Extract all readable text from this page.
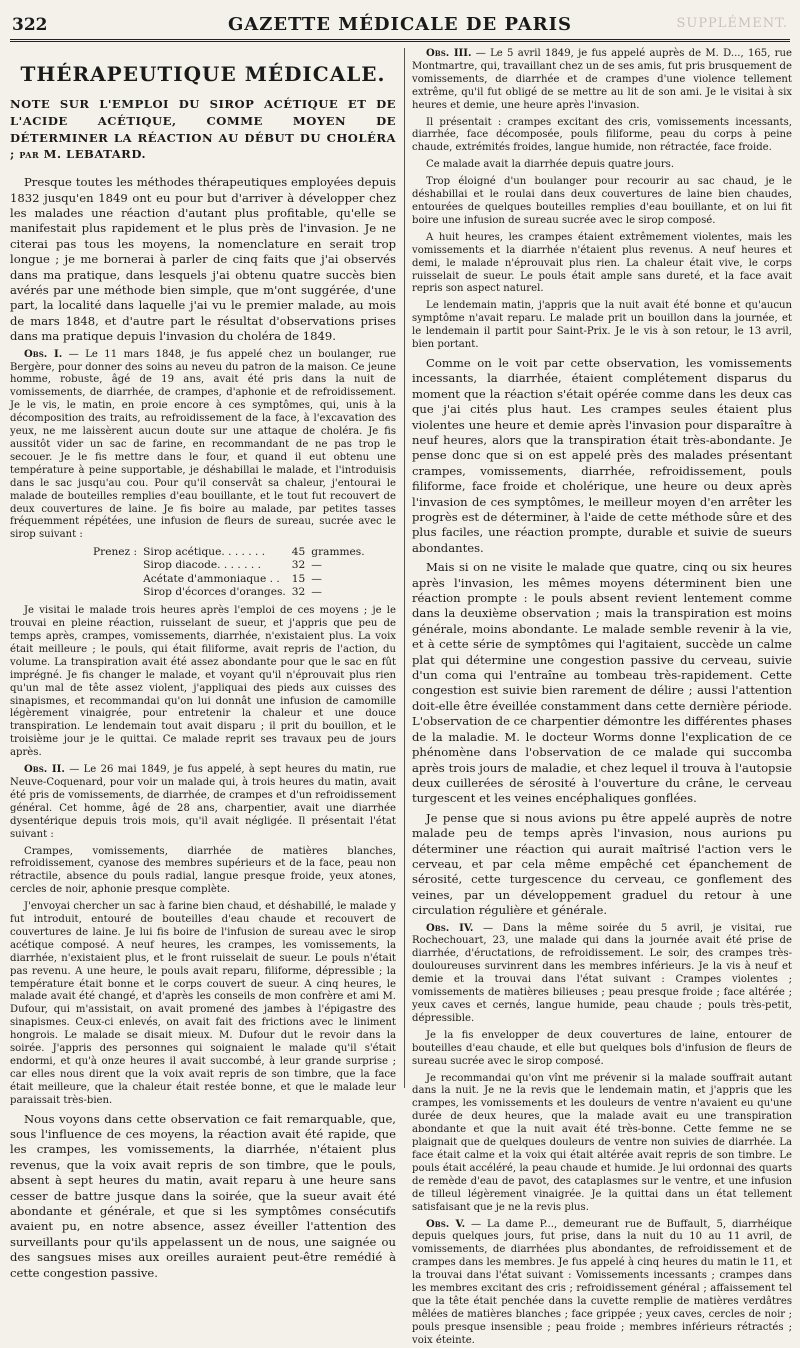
322	GAZETTE MÉDICALE DE PARIS	SUPPLÉMENT.
THÉRAPEUTIQUE MÉDICALE.
NOTE SUR L'EMPLOI DU SIROP ACÉTIQUE ET DE L'ACIDE ACÉTIQUE, COMME MOYEN DE DÉTERMINER LA RÉACTION AU DÉBUT DU CHOLÉRA ; par M. LEBATARD.

Presque toutes les méthodes thérapeutiques employées depuis 1832 jusqu'en 1849 ont eu pour but d'arriver à développer chez les malades une réaction d'autant plus profitable, qu'elle se manifestait plus rapidement et le plus près de l'invasion. Je ne citerai pas tous les moyens, la nomenclature en serait trop longue ; je me bornerai à parler de cinq faits que j'ai observés dans ma pratique, dans lesquels j'ai obtenu quatre succès bien avérés par une méthode bien simple, que m'ont suggérée, d'une part, la localité dans laquelle j'ai vu le premier malade, au mois de mars 1848, et d'autre part le résultat d'observations prises dans ma pratique depuis l'invasion du choléra de 1849.

Obs. I. — Le 11 mars 1848, je fus appelé chez un boulanger, rue Bergère, pour donner des soins au neveu du patron de la maison. Ce jeune homme, robuste, âgé de 19 ans, avait été pris dans la nuit de vomissements, de diarrhée, de crampes, d'aphonie et de refroidissement. Je le vis, le matin, en proie encore à ces symptômes, qui, unis à la décomposition des traits, au refroidissement de la face, à l'excavation des yeux, ne me laissèrent aucun doute sur une attaque de choléra. Je fis aussitôt vider un sac de farine, en recommandant de ne pas trop le secouer. Je le fis mettre dans le four, et quand il eut obtenu une température à peine supportable, je déshabillai le malade, et l'introduisis dans le sac jusqu'au cou. Pour qu'il conservât sa chaleur, j'entourai le malade de bouteilles remplies d'eau bouillante, et le tout fut recouvert de deux couvertures de laine. Je fis boire au malade, par petites tasses fréquemment répétées, une infusion de fleurs de sureau, sucrée avec le sirop suivant :

Prenez :	Sirop acétique. . . . . . .	45	grammes.
	Sirop diacode. . . . . . .	32	—
	Acétate d'ammoniaque . .	15	—
	Sirop d'écorces d'oranges.	32	—

Je visitai le malade trois heures après l'emploi de ces moyens ; je le trouvai en pleine réaction, ruisselant de sueur, et j'appris que peu de temps après, crampes, vomissements, diarrhée, n'existaient plus. La voix était meilleure ; le pouls, qui était filiforme, avait repris de l'action, du volume. La transpiration avait été assez abondante pour que le sac en fût imprégné. Je fis changer le malade, et voyant qu'il n'éprouvait plus rien qu'un mal de tête assez violent, j'appliquai des pieds aux cuisses des sinapismes, et recommandai qu'on lui donnât une infusion de camomille légèrement vinaigrée, pour entretenir la chaleur et une douce transpiration. Le lendemain tout avait disparu ; il prit du bouillon, et le troisième jour je le quittai. Ce malade reprit ses travaux peu de jours après.

Obs. II. — Le 26 mai 1849, je fus appelé, à sept heures du matin, rue Neuve-Coquenard, pour voir un malade qui, à trois heures du matin, avait été pris de vomissements, de diarrhée, de crampes et d'un refroidissement général. Cet homme, âgé de 28 ans, charpentier, avait une diarrhée dysentérique depuis trois mois, qu'il avait négligée. Il présentait l'état suivant :

Crampes, vomissements, diarrhée de matières blanches, refroidissement, cyanose des membres supérieurs et de la face, peau non rétractile, absence du pouls radial, langue presque froide, yeux atones, cercles de noir, aphonie presque complète.

J'envoyai chercher un sac à farine bien chaud, et déshabillé, le malade y fut introduit, entouré de bouteilles d'eau chaude et recouvert de couvertures de laine. Je lui fis boire de l'infusion de sureau avec le sirop acétique composé. A neuf heures, les crampes, les vomissements, la diarrhée, n'existaient plus, et le front ruisselait de sueur. Le pouls n'était pas revenu. A une heure, le pouls avait reparu, filiforme, dépressible ; la température était bonne et le corps couvert de sueur. A cinq heures, le malade avait été changé, et d'après les conseils de mon confrère et ami M. Dufour, qui m'assistait, on avait promené des jambes à l'épigastre des sinapismes. Ceux-ci enlevés, on avait fait des frictions avec le liniment hongrois. Le malade se disait mieux. M. Dufour dut le revoir dans la soirée. J'appris des personnes qui soignaient le malade qu'il s'était endormi, et qu'à onze heures il avait succombé, à leur grande surprise ; car elles nous dirent que la voix avait repris de son timbre, que la face était meilleure, que la chaleur était restée bonne, et que le malade leur paraissait très-bien.

Nous voyons dans cette observation ce fait remarquable, que, sous l'influence de ces moyens, la réaction avait été rapide, que les crampes, les vomissements, la diarrhée, n'étaient plus revenus, que la voix avait repris de son timbre, que le pouls, absent à sept heures du matin, avait reparu à une heure sans cesser de battre jusque dans la soirée, que la sueur avait été abondante et générale, et que si les symptômes consécutifs avaient pu, en notre absence, assez éveiller l'attention des surveillants pour qu'ils appelassent un de nous, une saignée ou des sangsues mises aux oreilles auraient peut-être remédié à cette congestion passive.

Obs. III. — Le 5 avril 1849, je fus appelé auprès de M. D..., 165, rue Montmartre, qui, travaillant chez un de ses amis, fut pris brusquement de vomissements, de diarrhée et de crampes d'une violence tellement extrême, qu'il fut obligé de se mettre au lit de son ami. Je le visitai à six heures et demie, une heure après l'invasion.

Il présentait : crampes excitant des cris, vomissements incessants, diarrhée, face décomposée, pouls filiforme, peau du corps à peine chaude, extrémités froides, langue humide, non rétractée, face froide.

Ce malade avait la diarrhée depuis quatre jours.

Trop éloigné d'un boulanger pour recourir au sac chaud, je le déshabillai et le roulai dans deux couvertures de laine bien chaudes, entourées de quelques bouteilles remplies d'eau bouillante, et on lui fit boire une infusion de sureau sucrée avec le sirop composé.

A huit heures, les crampes étaient extrêmement violentes, mais les vomissements et la diarrhée n'étaient plus revenus. A neuf heures et demi, le malade n'éprouvait plus rien. La chaleur était vive, le corps ruisselait de sueur. Le pouls était ample sans dureté, et la face avait repris son aspect naturel.

Le lendemain matin, j'appris que la nuit avait été bonne et qu'aucun symptôme n'avait reparu. Le malade prit un bouillon dans la journée, et le lendemain il partit pour Saint-Prix. Je le vis à son retour, le 13 avril, bien portant.

Comme on le voit par cette observation, les vomissements incessants, la diarrhée, étaient complétement disparus du moment que la réaction s'était opérée comme dans les deux cas que j'ai cités plus haut. Les crampes seules étaient plus violentes une heure et demie après l'invasion pour disparaître à neuf heures, alors que la transpiration était très-abondante. Je pense donc que si on est appelé près des malades présentant crampes, vomissements, diarrhée, refroidissement, pouls filiforme, face froide et cholérique, une heure ou deux après l'invasion de ces symptômes, le meilleur moyen d'en arrêter les progrès est de déterminer, à l'aide de cette méthode sûre et des plus faciles, une réaction prompte, durable et suivie de sueurs abondantes.

Mais si on ne visite le malade que quatre, cinq ou six heures après l'invasion, les mêmes moyens déterminent bien une réaction prompte : le pouls absent revient lentement comme dans la deuxième observation ; mais la transpiration est moins générale, moins abondante. Le malade semble revenir à la vie, et à cette série de symptômes qui l'agitaient, succède un calme plat qui détermine une congestion passive du cerveau, suivie d'un coma qui l'entraîne au tombeau très-rapidement. Cette congestion est suivie bien rarement de délire ; aussi l'attention doit-elle être éveillée constamment dans cette dernière période. L'observation de ce charpentier démontre les différentes phases de la maladie. M. le docteur Worms donne l'explication de ce phénomène dans l'observation de ce malade qui succomba après trois jours de maladie, et chez lequel il trouva à l'autopsie deux cuillerées de sérosité à l'ouverture du crâne, le cerveau turgescent et les veines encéphaliques gonflées.

Je pense que si nous avions pu être appelé auprès de notre malade peu de temps après l'invasion, nous aurions pu déterminer une réaction qui aurait maîtrisé l'action vers le cerveau, et par cela même empêché cet épanchement de sérosité, cette turgescence du cerveau, ce gonflement des veines, par un développement graduel du retour à une circulation régulière et générale.

Obs. IV. — Dans la même soirée du 5 avril, je visitai, rue Rochechouart, 23, une malade qui dans la journée avait été prise de diarrhée, d'éructations, de refroidissement. Le soir, des crampes très-douloureuses survinrent dans les membres inférieurs. Je la vis à neuf et demie et la trouvai dans l'état suivant : Crampes violentes ; vomissements de matières bilieuses ; peau presque froide ; face altérée ; yeux caves et cernés, langue humide, peau chaude ; pouls très-petit, dépressible.

Je la fis envelopper de deux couvertures de laine, entourer de bouteilles d'eau chaude, et elle but quelques bols d'infusion de fleurs de sureau sucrée avec le sirop composé.

Je recommandai qu'on vînt me prévenir si la malade souffrait autant dans la nuit. Je ne la revis que le lendemain matin, et j'appris que les crampes, les vomissements et les douleurs de ventre n'avaient eu qu'une durée de deux heures, que la malade avait eu une transpiration abondante et que la nuit avait été très-bonne. Cette femme ne se plaignait que de quelques douleurs de ventre non suivies de diarrhée. La face était calme et la voix qui était altérée avait repris de son timbre. Le pouls était accéléré, la peau chaude et humide. Je lui ordonnai des quarts de remède d'eau de pavot, des cataplasmes sur le ventre, et une infusion de tilleul légèrement vinaigrée. Je la quittai dans un état tellement satisfaisant que je ne la revis plus.

Obs. V. — La dame P..., demeurant rue de Buffault, 5, diarrhéique depuis quelques jours, fut prise, dans la nuit du 10 au 11 avril, de vomissements, de diarrhées plus abondantes, de refroidissement et de crampes dans les membres. Je fus appelé à cinq heures du matin le 11, et la trouvai dans l'état suivant : Vomissements incessants ; crampes dans les membres excitant des cris ; refroidissement général ; affaissement tel que la tête était penchée dans la cuvette remplie de matières verdâtres mêlées de matières blanches ; face grippée ; yeux caves, cercles de noir ; pouls presque insensible ; peau froide ; membres inférieurs rétractés ; voix éteinte.
